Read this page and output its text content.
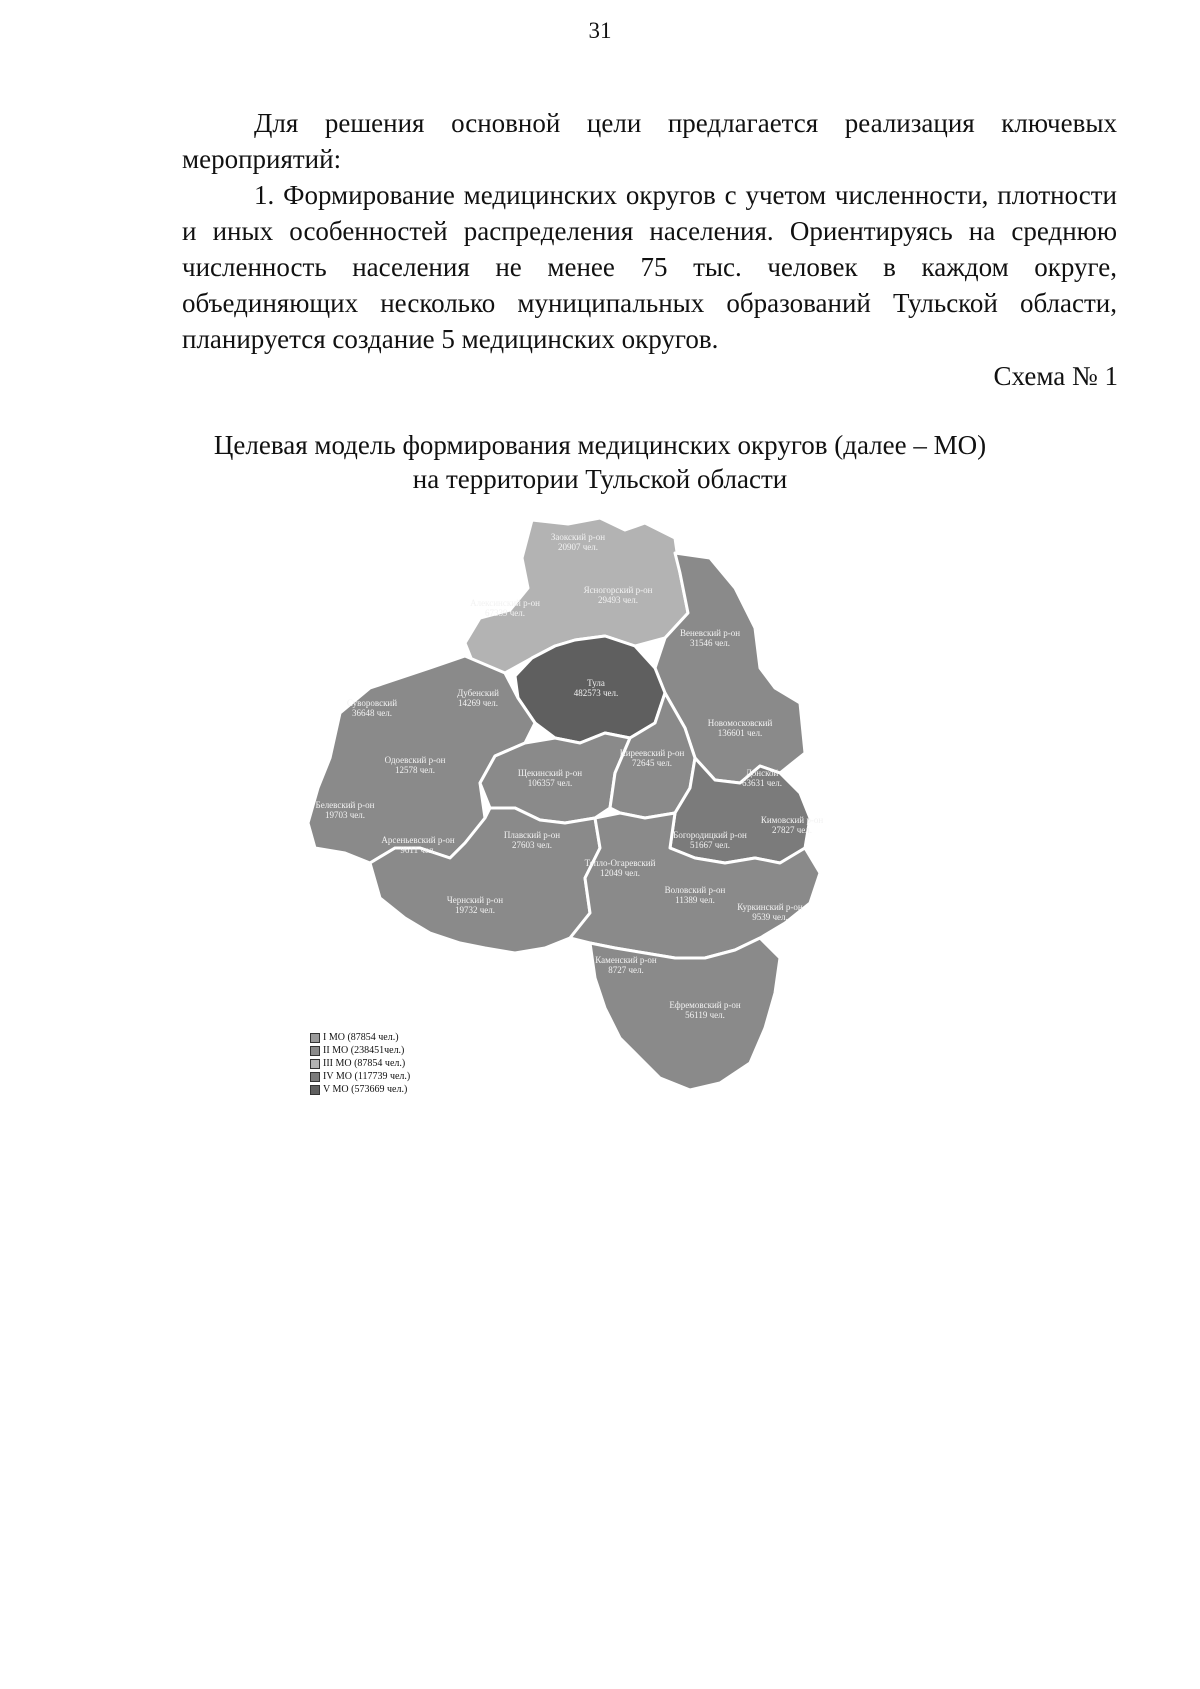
31

Для решения основной цели предлагается реализация ключевых мероприятий:

1. Формирование медицинских округов с учетом численности, плотности и иных особенностей распределения населения. Ориентируясь на среднюю численность населения не менее 75 тыс. человек в каждом округе, объединяющих несколько муниципальных образований Тульской области, планируется создание 5 медицинских округов.

Схема № 1
Целевая модель формирования медицинских округов (далее – МО)
на территории Тульской области
Заокский р-он 20907 чел.
Алексинский р-он 67339 чел.
Ясногорский р-он 29493 чел.
Веневский р-он 31546 чел.
Суворовский 36648 чел.
Дубенский 14269 чел.
Тула 482573 чел.
Новомосковский 136601 чел.
Одоевский р-он 12578 чел.	Щекинский р-он 106357 чел.
Киреевский р-он 72645 чел.
Донской 63631 чел.
Белевский р-он 19703 чел.
Арсеньевский р-он 9611 чел.
Плавский р-он 27603 чел.
Богородицкий р-он 51667 чел.
Кимовский р-он 27827 чел.
Тепло-Огаревский 12049 чел.
Чернский р-он 19732 чел.
Воловский р-он 11389 чел.
Куркинский р-он 9539 чел.
Каменский р-он 8727 чел.
Ефремовский р-он 56119 чел.
I МО (87854 чел.)
II МО (238451чел.)
III МО (87854 чел.)
IV МО (117739 чел.)
V МО (573669 чел.)
